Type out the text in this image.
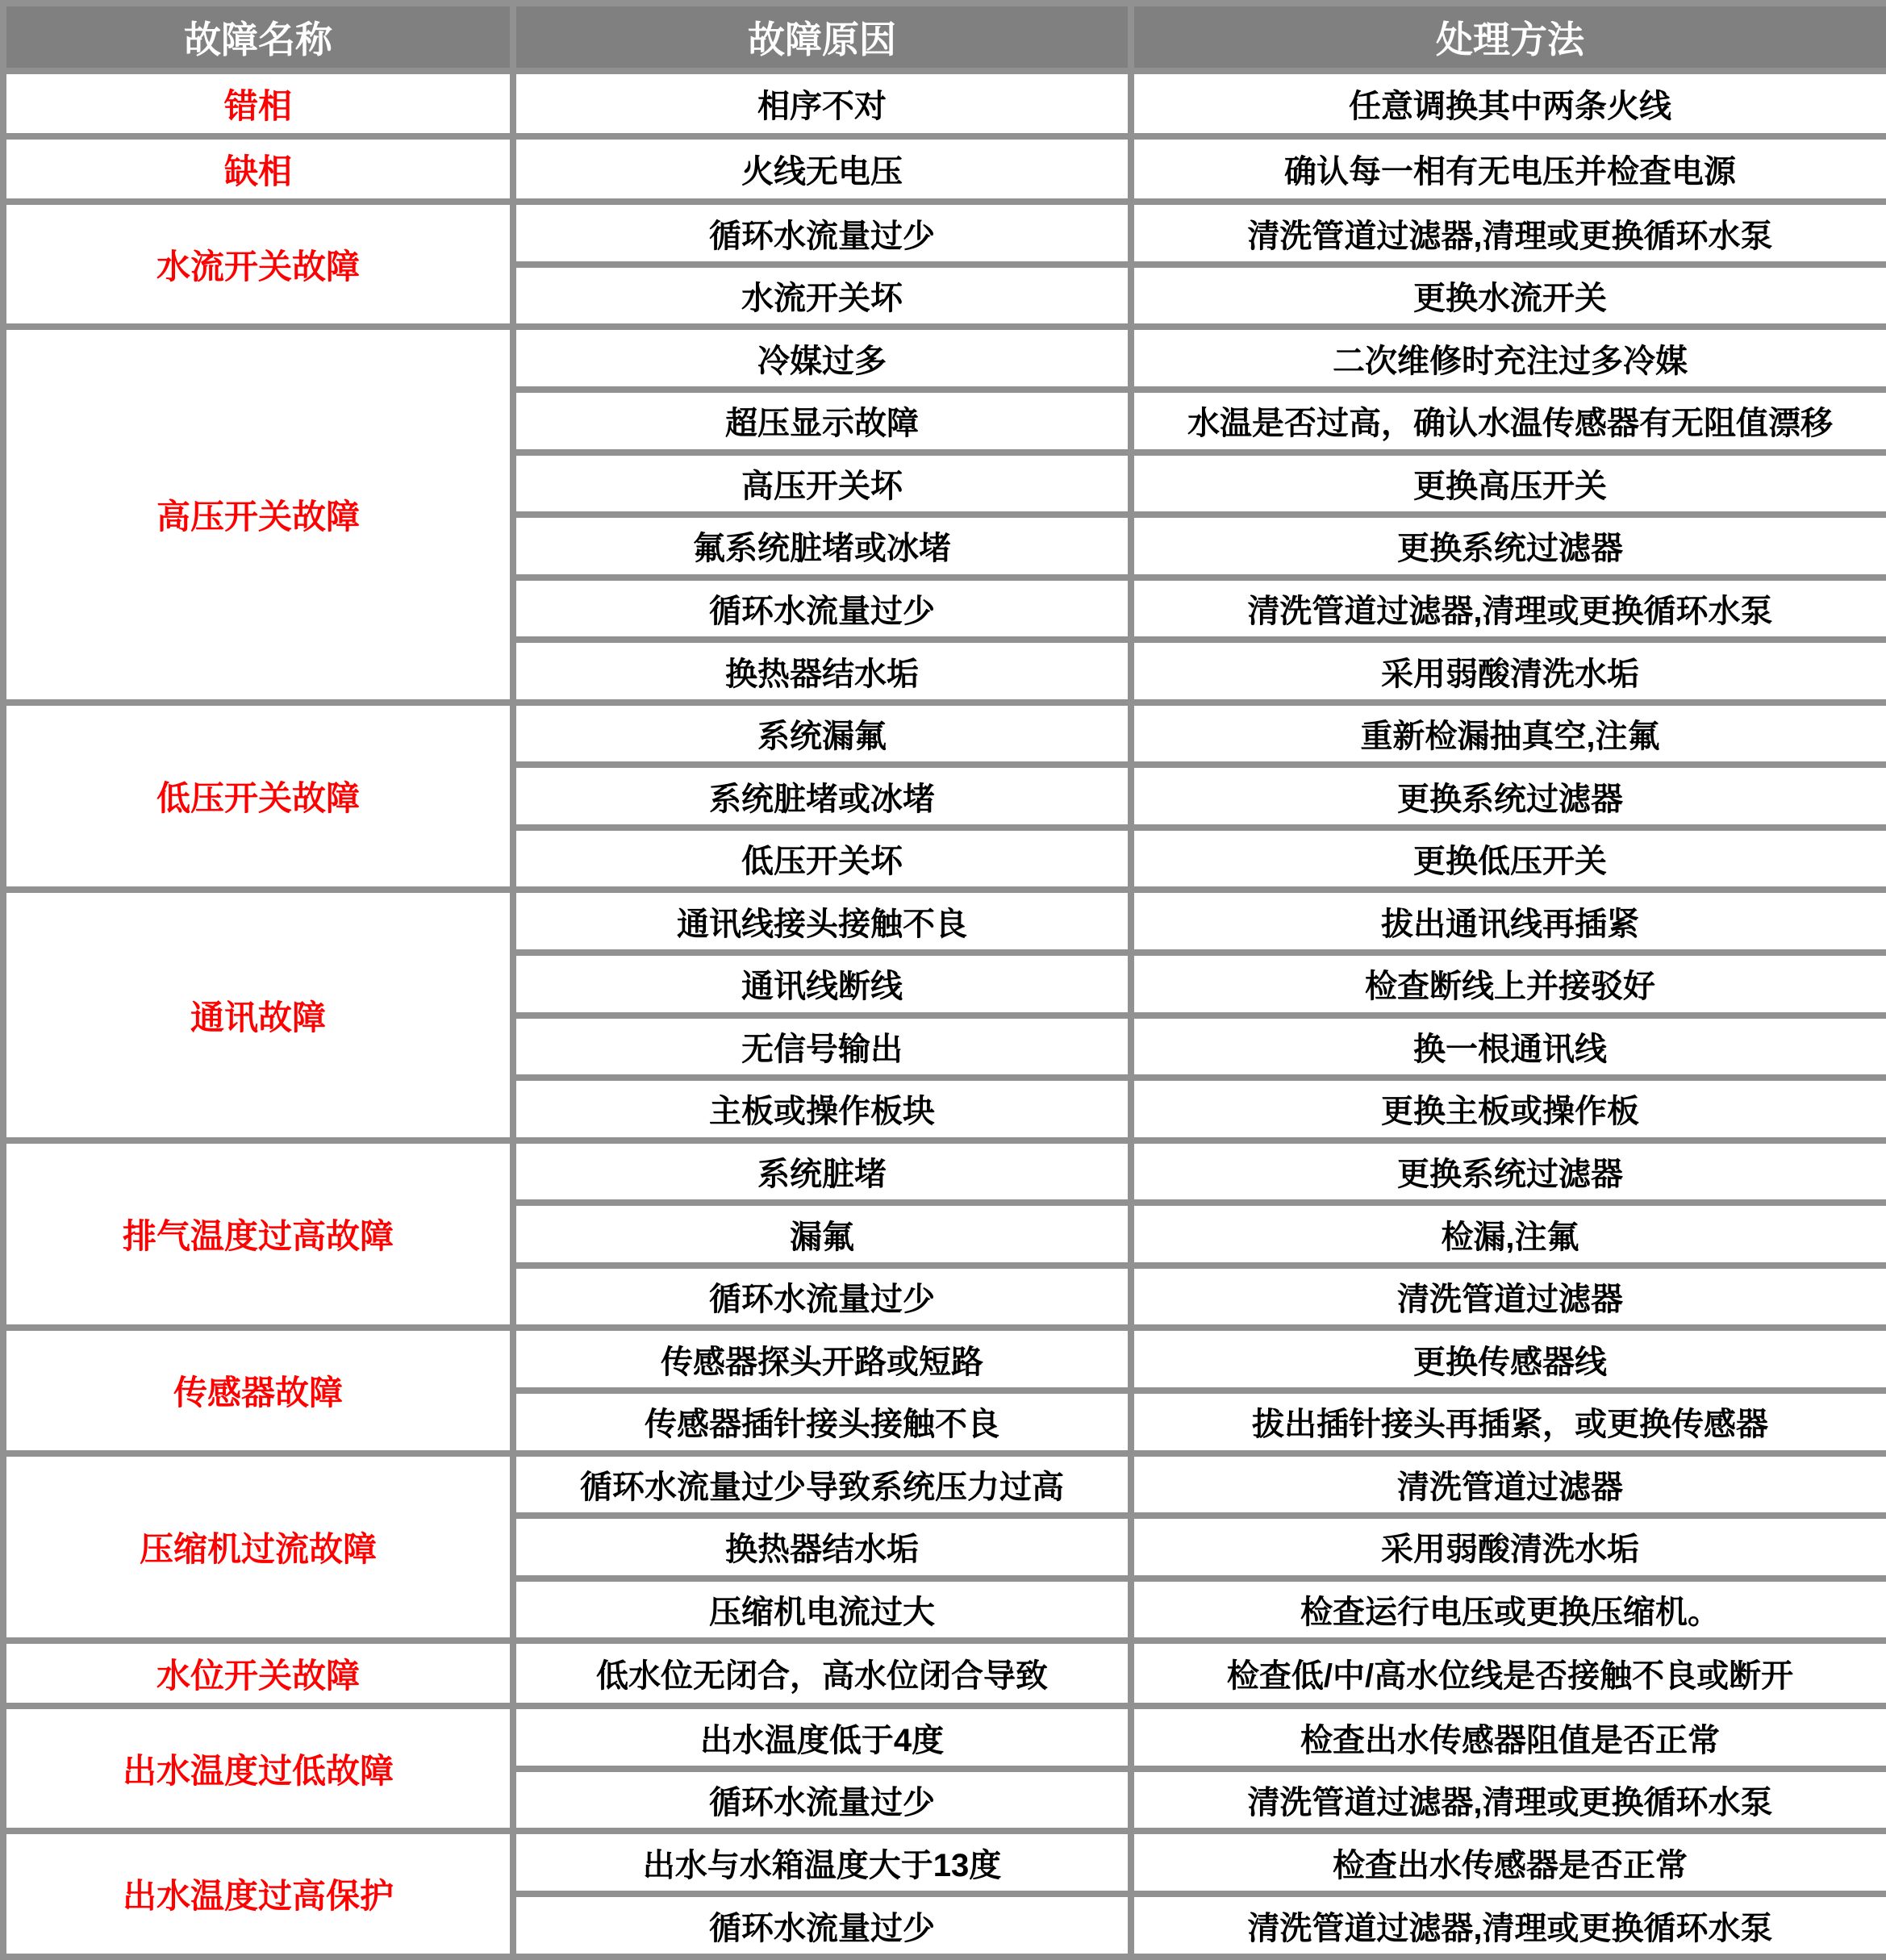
故障名称	故障原因	处理方法
错相	相序不对	任意调换其中两条火线
缺相	火线无电压	确认每一相有无电压并检查电源
水流开关故障	循环水流量过少	清洗管道过滤器,清理或更换循环水泵
	水流开关坏	更换水流开关
高压开关故障	冷媒过多	二次维修时充注过多冷媒
	超压显示故障	水温是否过高，确认水温传感器有无阻值漂移
	高压开关坏	更换高压开关
	氟系统脏堵或冰堵	更换系统过滤器
	循环水流量过少	清洗管道过滤器,清理或更换循环水泵
	换热器结水垢	采用弱酸清洗水垢
低压开关故障	系统漏氟	重新检漏抽真空,注氟
	系统脏堵或冰堵	更换系统过滤器
	低压开关坏	更换低压开关
通讯故障	通讯线接头接触不良	拔出通讯线再插紧
	通讯线断线	检查断线上并接驳好
	无信号输出	换一根通讯线
	主板或操作板块	更换主板或操作板
排气温度过高故障	系统脏堵	更换系统过滤器
	漏氟	检漏,注氟
	循环水流量过少	清洗管道过滤器
传感器故障	传感器探头开路或短路	更换传感器线
	传感器插针接头接触不良	拔出插针接头再插紧，或更换传感器
压缩机过流故障	循环水流量过少导致系统压力过高	清洗管道过滤器
	换热器结水垢	采用弱酸清洗水垢
	压缩机电流过大	检查运行电压或更换压缩机。
水位开关故障	低水位无闭合，高水位闭合导致	检查低/中/高水位线是否接触不良或断开
出水温度过低故障	出水温度低于4度	检查出水传感器阻值是否正常
	循环水流量过少	清洗管道过滤器,清理或更换循环水泵
出水温度过高保护	出水与水箱温度大于13度	检查出水传感器是否正常
	循环水流量过少	清洗管道过滤器,清理或更换循环水泵
